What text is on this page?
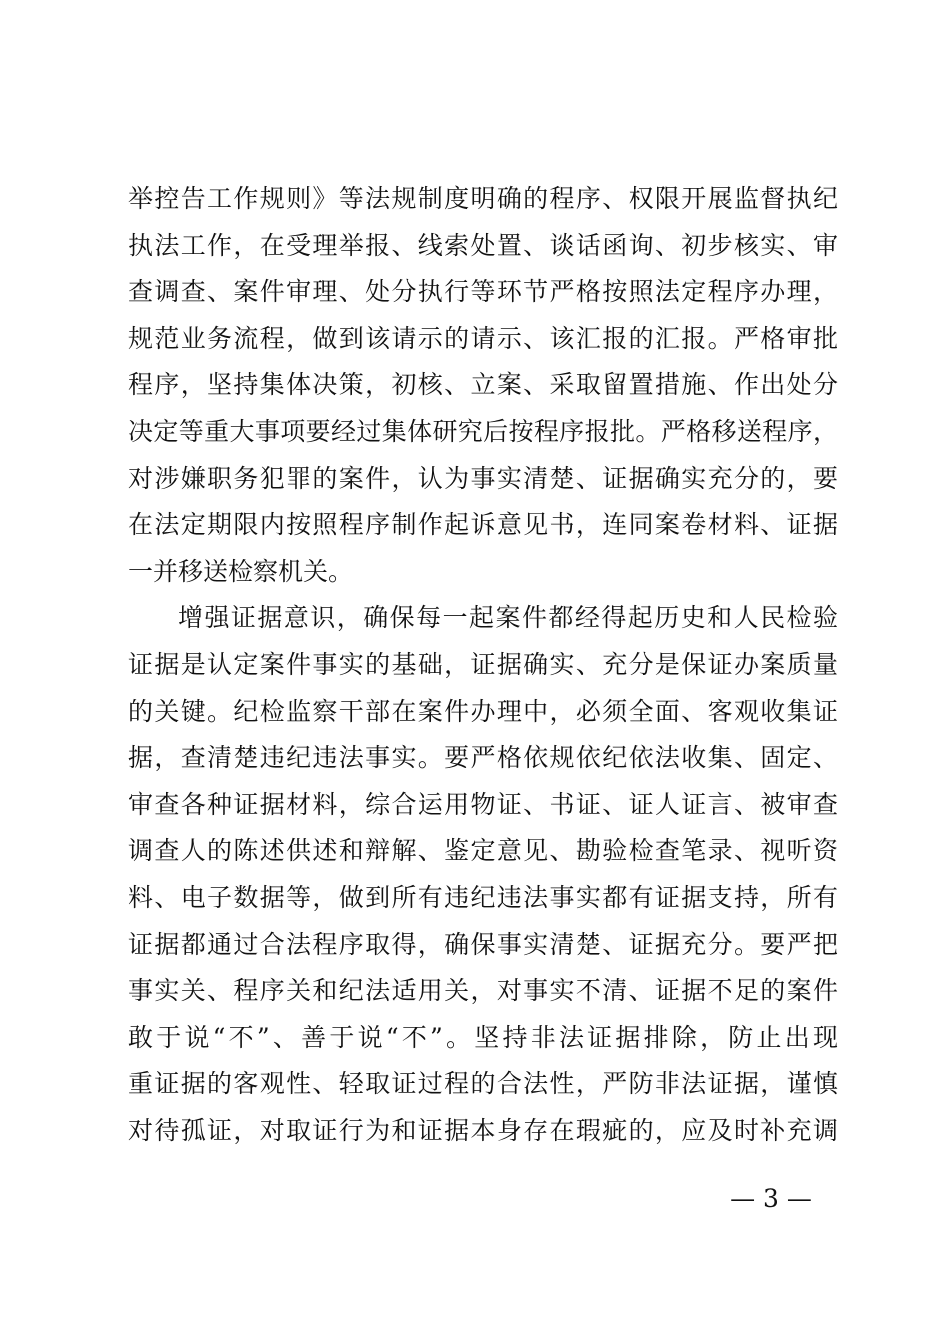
举控告工作规则》等法规制度明确的程序、权限开展监督执纪
执法工作，在受理举报、线索处置、谈话函询、初步核实、审
查调查、案件审理、处分执行等环节严格按照法定程序办理，
规范业务流程，做到该请示的请示、该汇报的汇报。严格审批
程序，坚持集体决策，初核、立案、采取留置措施、作出处分
决定等重大事项要经过集体研究后按程序报批。严格移送程序，
对涉嫌职务犯罪的案件，认为事实清楚、证据确实充分的，要
在法定期限内按照程序制作起诉意见书，连同案卷材料、证据
一并移送检察机关。
增强证据意识，确保每一起案件都经得起历史和人民检验
证据是认定案件事实的基础，证据确实、充分是保证办案质量
的关键。纪检监察干部在案件办理中，必须全面、客观收集证
据，查清楚违纪违法事实。要严格依规依纪依法收集、固定、
审查各种证据材料，综合运用物证、书证、证人证言、被审查
调查人的陈述供述和辩解、鉴定意见、勘验检查笔录、视听资
料、电子数据等，做到所有违纪违法事实都有证据支持，所有
证据都通过合法程序取得，确保事实清楚、证据充分。要严把
事实关、程序关和纪法适用关，对事实不清、证据不足的案件
敢于说“不”、善于说“不”。坚持非法证据排除，防止出现
重证据的客观性、轻取证过程的合法性，严防非法证据，谨慎
对待孤证，对取证行为和证据本身存在瑕疵的，应及时补充调
— 3 —
